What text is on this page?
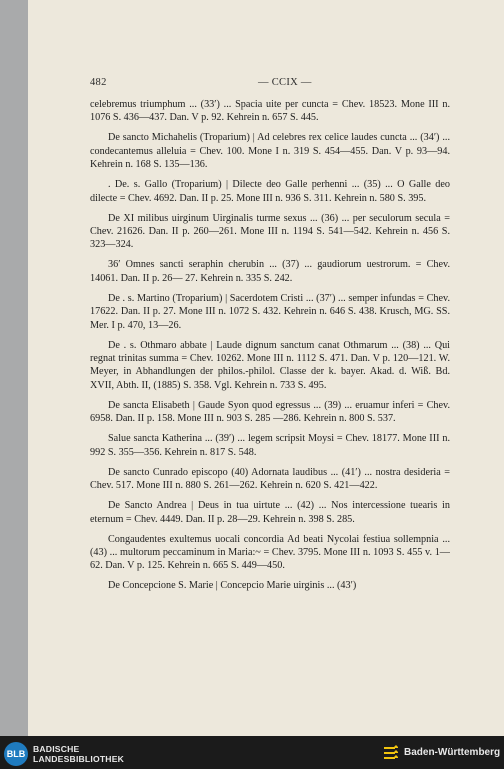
482	— CCIX —

celebremus triumphum ... (33′) ... Spacia uite per cuncta = Chev. 18523. Mone III n. 1076 S. 436—437. Dan. V p. 92. Kehrein n. 657 S. 445.

De sancto Michahelis (Troparium) | Ad celebres rex celice laudes cuncta ... (34′) ... condecantemus alleluia = Chev. 100. Mone I n. 319 S. 454—455. Dan. V p. 93—94. Kehrein n. 168 S. 135—136.

. De. s. Gallo (Troparium) | Dilecte deo Galle perhenni ... (35) ... O Galle deo dilecte = Chev. 4692. Dan. II p. 25. Mone III n. 936 S. 311. Kehrein n. 580 S. 395.

De XI milibus uirginum Uirginalis turme sexus ... (36) ... per seculorum secula = Chev. 21626. Dan. II p. 260—261. Mone III n. 1194 S. 541—542. Kehrein n. 456 S. 323—324.

36′ Omnes sancti seraphin cherubin ... (37) ... gaudiorum uestrorum. = Chev. 14061. Dan. II p. 26— 27. Kehrein n. 335 S. 242.

De . s. Martino (Troparium) | Sacerdotem Cristi ... (37′) ... semper infundas = Chev. 17622. Dan. II p. 27. Mone III n. 1072 S. 432. Kehrein n. 646 S. 438. Krusch, MG. SS. Mer. I p. 470, 13—26.

De . s. Othmaro abbate | Laude dignum sanctum canat Othmarum ... (38) ... Qui regnat trinitas summa = Chev. 10262. Mone III n. 1112 S. 471. Dan. V p. 120—121. W. Meyer, in Abhandlungen der philos.-philol. Classe der k. bayer. Akad. d. Wiß. Bd. XVII, Abth. II, (1885) S. 358. Vgl. Kehrein n. 733 S. 495.

De sancta Elisabeth | Gaude Syon quod egressus ... (39) ... eruamur inferi = Chev. 6958. Dan. II p. 158. Mone III n. 903 S. 285 —286. Kehrein n. 800 S. 537.

Salue sancta Katherina ... (39′) ... legem scripsit Moysi = Chev. 18177. Mone III n. 992 S. 355—356. Kehrein n. 817 S. 548.

De sancto Cunrado episcopo (40) Adornata laudibus ... (41′) ... nostra desideria = Chev. 517. Mone III n. 880 S. 261—262. Kehrein n. 620 S. 421—422.

De Sancto Andrea | Deus in tua uirtute ... (42) ... Nos intercessione tuearis in eternum = Chev. 4449. Dan. II p. 28—29. Kehrein n. 398 S. 285.

Congaudentes exultemus uocali concordia Ad beati Nycolai festiua sollempnia ... (43) ... multorum peccaminum in Maria:~ = Chev. 3795. Mone III n. 1093 S. 455 v. 1—62. Dan. V p. 125. Kehrein n. 665 S. 449—450.

De Concepcione S. Marie | Concepcio Marie uirginis ... (43′)

BLB BADISCHE
LANDESBIBLIOTHEK
Baden-Württemberg
